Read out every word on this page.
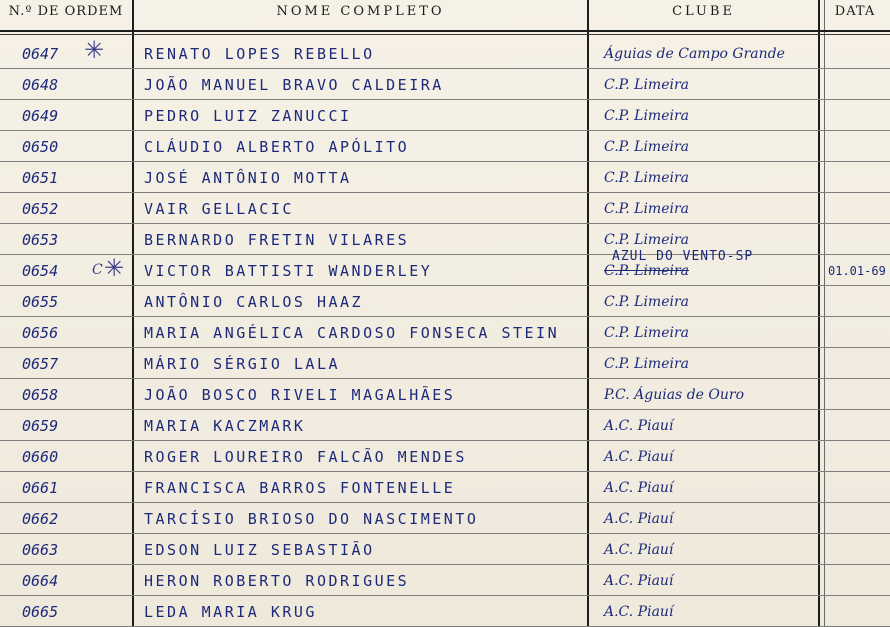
N.º DE ORDEM	NOME COMPLETO	CLUBE	DATA
0647	RENATO LOPES REBELLO	Águias de Campo Grande
0648	JOÃO MANUEL BRAVO CALDEIRA	C.P. Limeira
0649	PEDRO LUIZ ZANUCCI	C.P. Limeira
0650	CLÁUDIO ALBERTO APÓLITO	C.P. Limeira
0651	JOSÉ ANTÔNIO MOTTA	C.P. Limeira
0652	VAIR GELLACIC	C.P. Limeira
0653	BERNARDO FRETIN VILARES	C.P. Limeira
0654	VICTOR BATTISTI WANDERLEY	C.P. Limeira	01.01-69
0655	ANTÔNIO CARLOS HAAZ	C.P. Limeira
0656	MARIA ANGÉLICA CARDOSO FONSECA STEIN	C.P. Limeira
0657	MÁRIO SÉRGIO LALA	C.P. Limeira
0658	JOÃO BOSCO RIVELI MAGALHÃES	P.C. Águias de Ouro
0659	MARIA KACZMARK	A.C. Piauí
0660	ROGER LOUREIRO FALCÃO MENDES	A.C. Piauí
0661	FRANCISCA BARROS FONTENELLE	A.C. Piauí
0662	TARCÍSIO BRIOSO DO NASCIMENTO	A.C. Piauí
0663	EDSON LUIZ SEBASTIÃO	A.C. Piauí
0664	HERON ROBERTO RODRIGUES	A.C. Piauí
0665	LEDA MARIA KRUG	A.C. Piauí
✳
✳
C
AZUL DO VENTO-SP
